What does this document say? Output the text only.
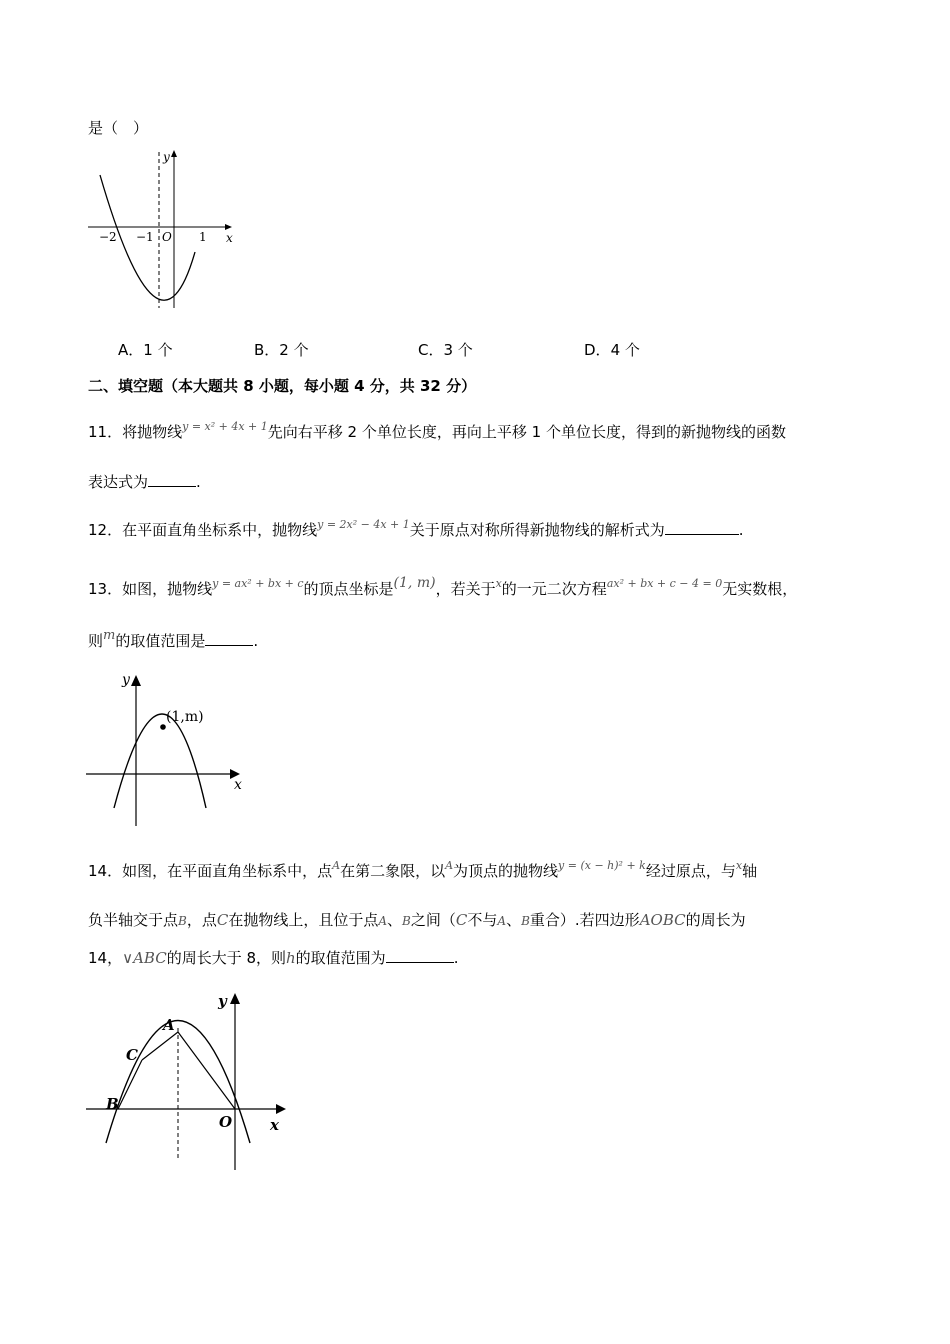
是（　）
y
x
O
−2 −1	1
A．1 个	B．2 个	C．3 个	D．4 个
二、填空题（本大题共 8 小题，每小题 4 分，共 32 分）
11．将抛物线$^{y = x^2 + 4x + 1}$先向右平移 2 个单位长度，再向上平移 1 个单位长度，得到的新抛物线的函数
表达式为	.
12．在平面直角坐标系中，抛物线$^{y = 2x^2 - 4x + 1}$关于原点对称所得新抛物线的解析式为	.
13．如图，抛物线$^{y = ax^2 + bx + c}$的顶点坐标是(1, m)，若关于$^x$的一元二次方程$^{ax^2 + bx + c - 4 = 0}$无实数根，
则m的取值范围是	.
y
x
(1,m)
14．如图，在平面直角坐标系中，点$^A$在第二象限，以$^A$为顶点的抛物线$^{y = (x - h)^2 + k}$经过原点，与$^x$轴
负半轴交于点B，点C在抛物线上，且位于点A、B之间（C不与A、B重合）.若四边形AOBC的周长为
14，∨ABC的周长大于 8，则h的取值范围为	.
y
x
A
C
B
O
